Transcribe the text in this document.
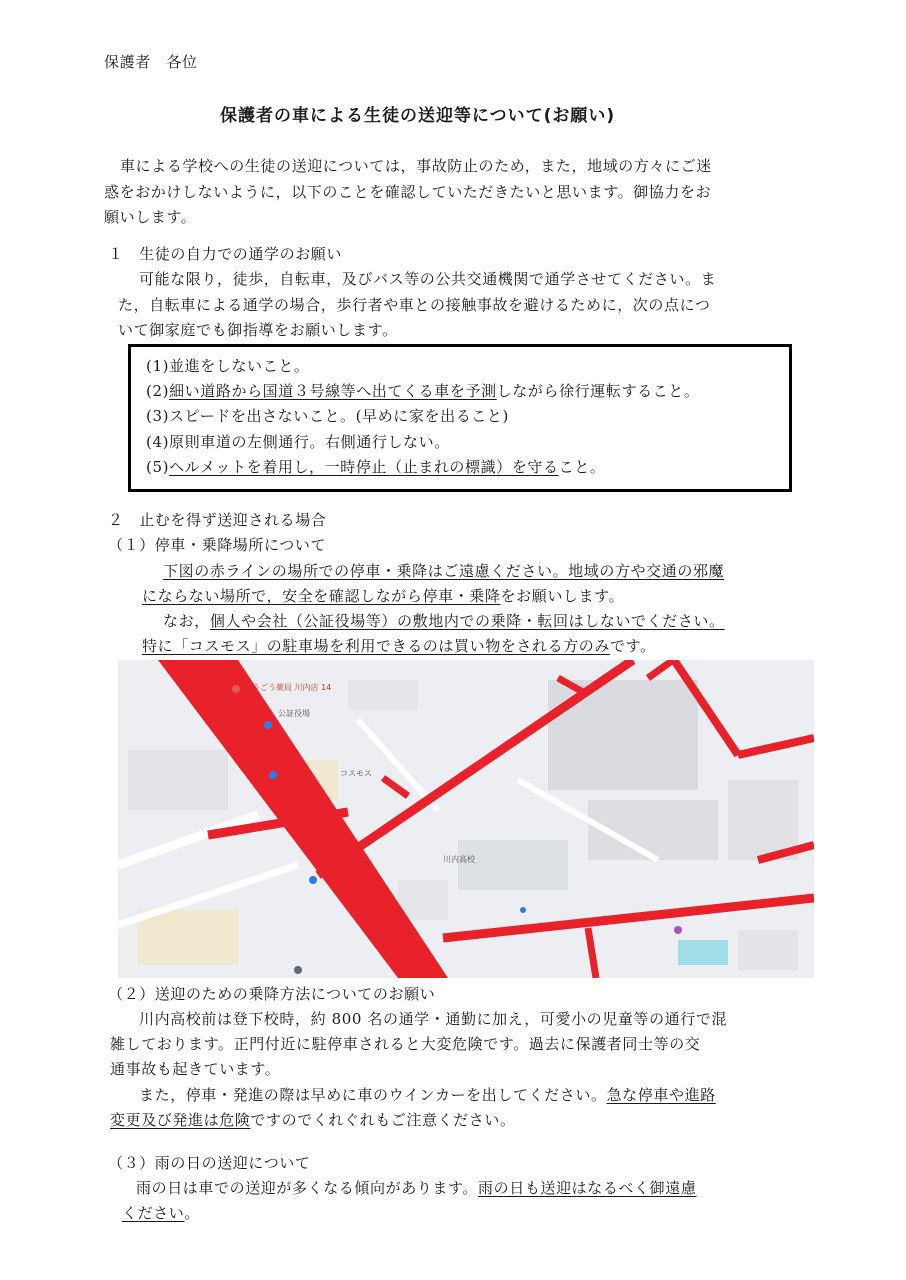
保護者　各位
保護者の車による生徒の送迎等について(お願い)
車による学校への生徒の送迎については，事故防止のため，また，地域の方々にご迷
惑をおかけしないように，以下のことを確認していただきたいと思います。御協力をお
願いします。
１　生徒の自力での通学のお願い
可能な限り，徒歩，自転車，及びバス等の公共交通機関で通学させてください。ま
た，自転車による通学の場合，歩行者や車との接触事故を避けるために，次の点につ
いて御家庭でも御指導をお願いします。
(1)並進をしないこと。
(2)細い道路から国道３号線等へ出てくる車を予測しながら徐行運転すること。
(3)スピードを出さないこと。(早めに家を出ること)
(4)原則車道の左側通行。右側通行しない。
(5)ヘルメットを着用し，一時停止（止まれの標識）を守ること。
２　止むを得ず送迎される場合
（１）停車・乗降場所について
下図の赤ラインの場所での停車・乗降はご遠慮ください。地域の方や交通の邪魔
にならない場所で，安全を確認しながら停車・乗降をお願いします。
なお，個人や会社（公証役場等）の敷地内での乗降・転回はしないでください。
特に「コスモス」の駐車場を利用できるのは買い物をされる方のみです。
そうごう薬局 川内店 14
川内高校
コスモス
公証役場
（２）送迎のための乗降方法についてのお願い
川内高校前は登下校時，約 800 名の通学・通勤に加え，可愛小の児童等の通行で混
雑しております。正門付近に駐停車されると大変危険です。過去に保護者同士等の交
通事故も起きています。
また，停車・発進の際は早めに車のウインカーを出してください。急な停車や進路
変更及び発進は危険ですのでくれぐれもご注意ください。
（３）雨の日の送迎について
雨の日は車での送迎が多くなる傾向があります。雨の日も送迎はなるべく御遠慮
ください。
